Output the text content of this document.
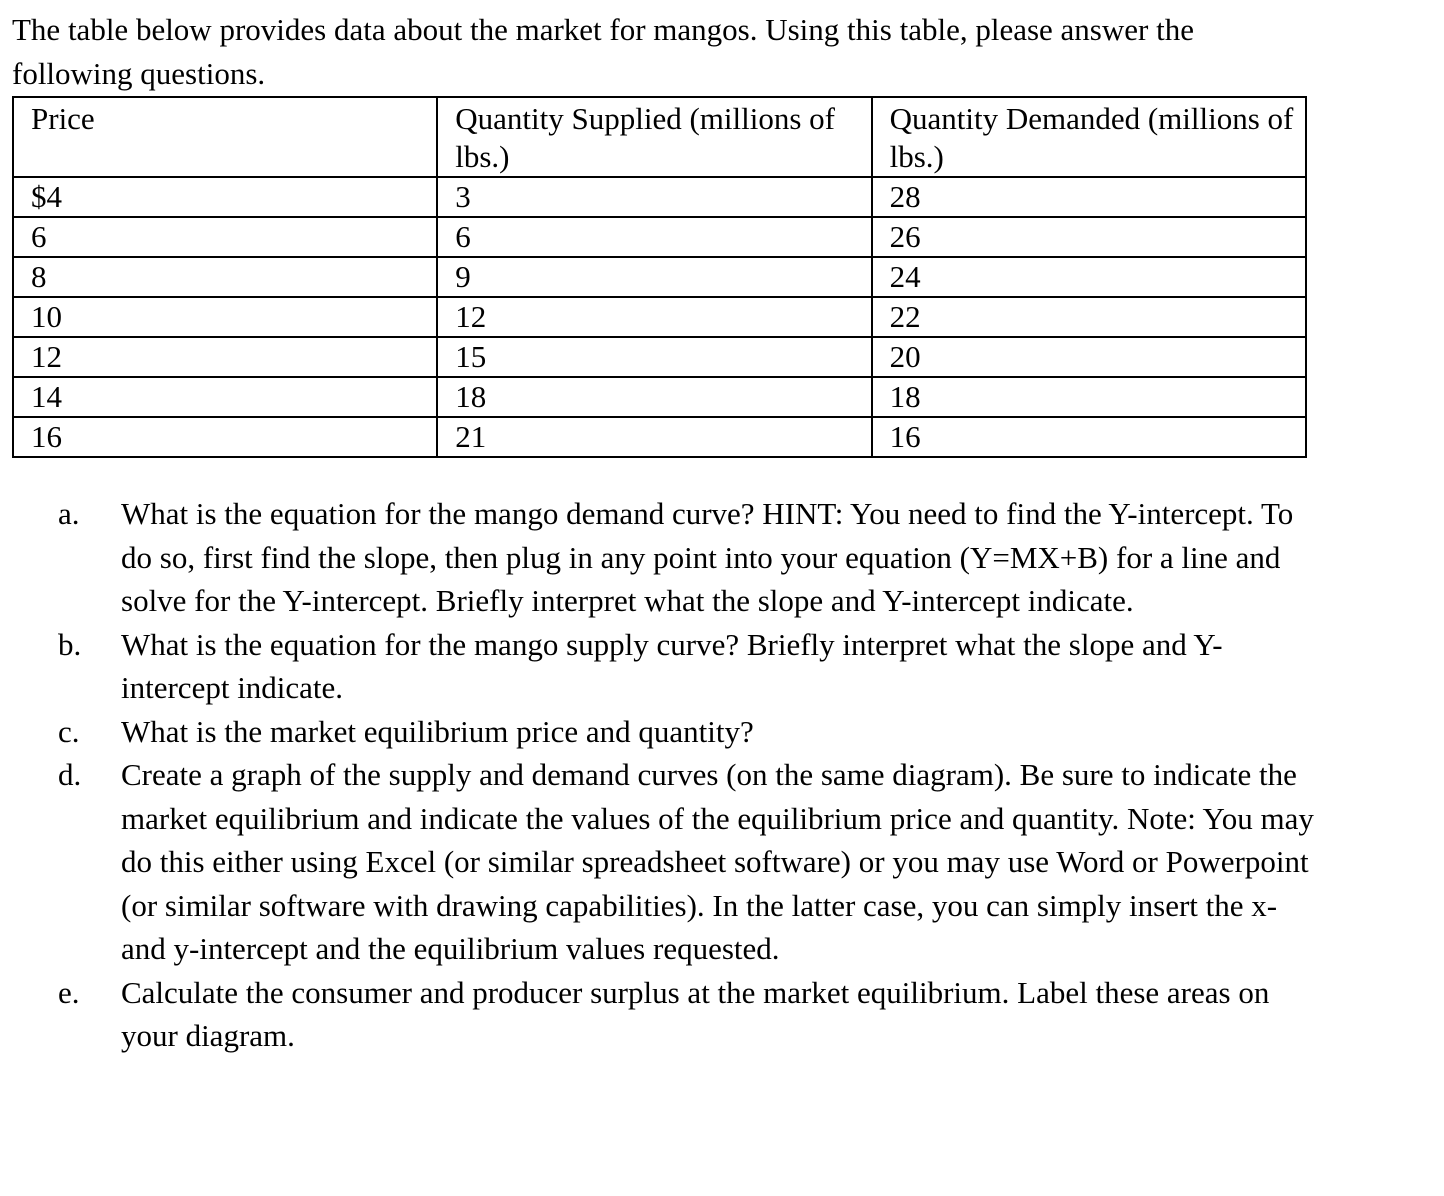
The table below provides data about the market for mangos. Using this table, please answer the following questions.

Price	Quantity Supplied (millions of lbs.)	Quantity Demanded (millions of lbs.)
$4	3	28
6	6	26
8	9	24
10	12	22
12	15	20
14	18	18
16	21	16
a. What is the equation for the mango demand curve? HINT: You need to find the Y-intercept. To do so, first find the slope, then plug in any point into your equation (Y=MX+B) for a line and solve for the Y-intercept. Briefly interpret what the slope and Y-intercept indicate.
b. What is the equation for the mango supply curve? Briefly interpret what the slope and Y-intercept indicate.
c. What is the market equilibrium price and quantity?
d. Create a graph of the supply and demand curves (on the same diagram). Be sure to indicate the market equilibrium and indicate the values of the equilibrium price and quantity. Note: You may do this either using Excel (or similar spreadsheet software) or you may use Word or Powerpoint (or similar software with drawing capabilities). In the latter case, you can simply insert the x- and y-intercept and the equilibrium values requested.
e. Calculate the consumer and producer surplus at the market equilibrium. Label these areas on your diagram.
